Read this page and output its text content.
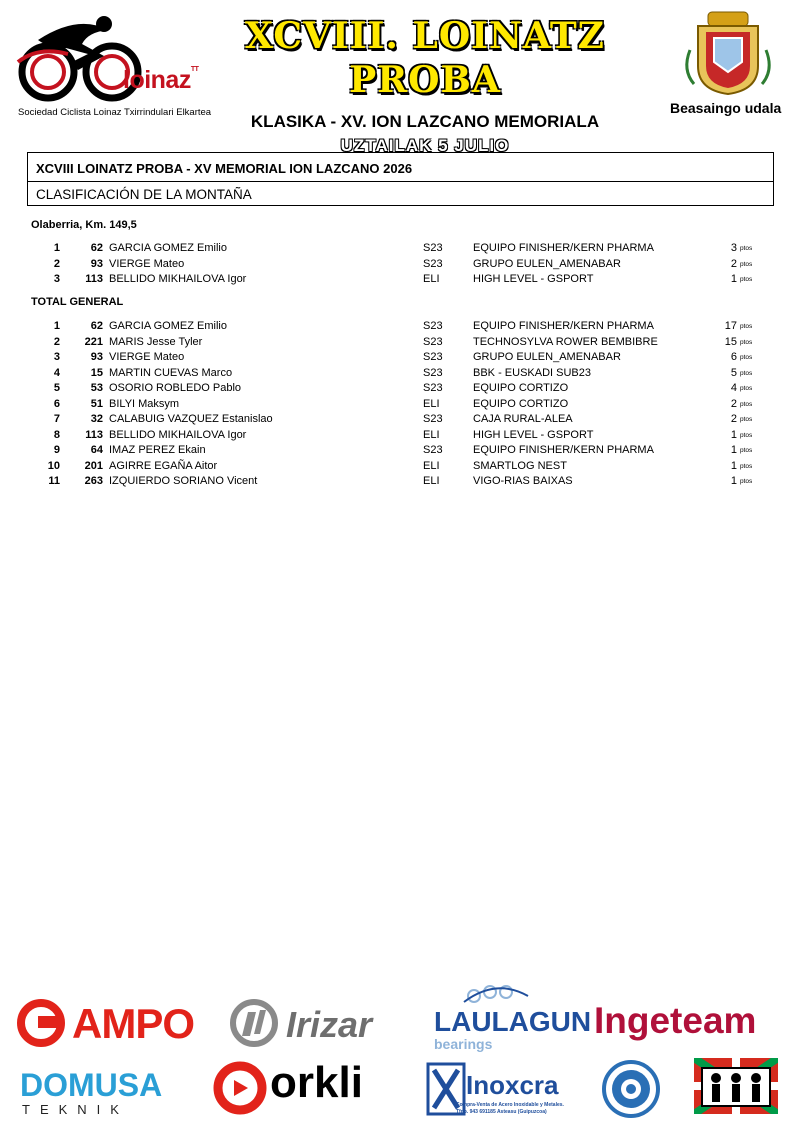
loinaz$^{TT}$
Sociedad Ciclista Loinaz Txirrindulari Elkartea
XCVIII. LOINATZ PROBA
KLASIKA - XV. ION LAZCANO MEMORIALA
UZTAILAK 5 JULIO
Beasaingo udala
XCVIII LOINATZ PROBA - XV MEMORIAL ION LAZCANO 2026
CLASIFICACIÓN DE LA MONTAÑA
Olaberria, Km. 149,5
1	62 GARCIA GOMEZ Emilio	S23	EQUIPO FINISHER/KERN PHARMA	3 ptos
2	93 VIERGE Mateo	S23	GRUPO EULEN_AMENABAR	2 ptos
3	113 BELLIDO MIKHAILOVA Igor	ELI	HIGH LEVEL - GSPORT	1 ptos
TOTAL GENERAL
1	62 GARCIA GOMEZ Emilio	S23	EQUIPO FINISHER/KERN PHARMA	17 ptos
2	221 MARIS Jesse Tyler	S23	TECHNOSYLVA ROWER BEMBIBRE	15 ptos
3	93 VIERGE Mateo	S23	GRUPO EULEN_AMENABAR	6 ptos
4	15 MARTIN CUEVAS Marco	S23	BBK - EUSKADI SUB23	5 ptos
5	53 OSORIO ROBLEDO Pablo	S23	EQUIPO CORTIZO	4 ptos
6	51 BILYI Maksym	ELI	EQUIPO CORTIZO	2 ptos
7	32 CALABUIG VAZQUEZ Estanislao	S23	CAJA RURAL-ALEA	2 ptos
8	113 BELLIDO MIKHAILOVA Igor	ELI	HIGH LEVEL - GSPORT	1 ptos
9	64 IMAZ PEREZ Ekain	S23	EQUIPO FINISHER/KERN PHARMA	1 ptos
10	201 AGIRRE EGAÑA Aitor	ELI	SMARTLOG NEST	1 ptos
11	263 IZQUIERDO SORIANO Vicent	ELI	VIGO-RIAS BAIXAS	1 ptos
AMPO	Irizar LAULAGUN
bearings
Ingeteam
DOMUSA
TEKNIK
orkli	Inoxcra
Compra-Venta de Acero Inoxidable y Metales.
Tfno. 943 691185 Asteasu (Guipuzcoa)
